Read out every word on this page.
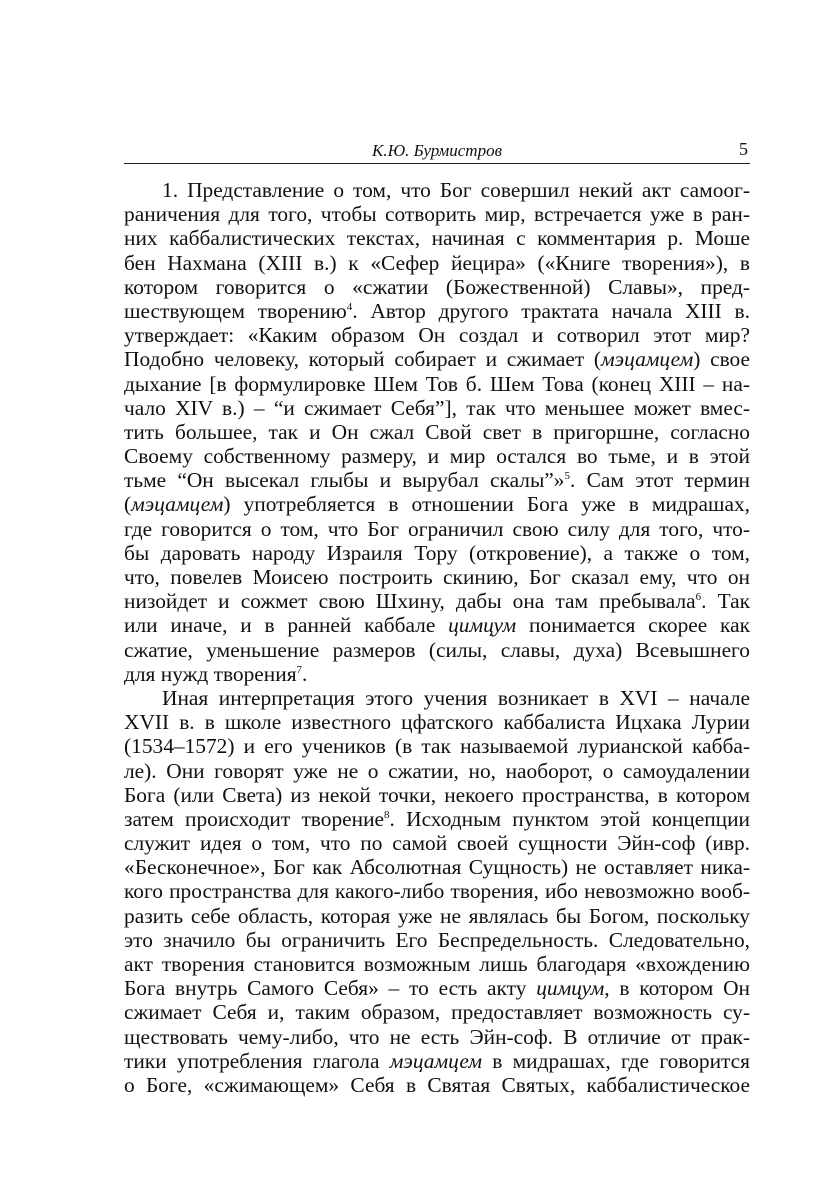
К.Ю. Бурмистров	5
1. Представление о том, что Бог совершил некий акт самоог-
раничения для того, чтобы сотворить мир, встречается уже в ран-
них каббалистических текстах, начиная с комментария р. Моше
бен Нахмана (XIII в.) к «Сефер йецира» («Книге творения»), в
котором говорится о «сжатии (Божественной) Славы», пред-
шествующем творению$^4$. Автор другого трактата начала XIII в.
утверждает: «Каким образом Он создал и сотворил этот мир?
Подобно человеку, который собирает и сжимает (мэцамцем) свое
дыхание [в формулировке Шем Тов б. Шем Това (конец XIII – на-
чало XIV в.) – “и сжимает Себя”], так что меньшее может вмес-
тить большее, так и Он сжал Свой свет в пригоршне, согласно
Своему собственному размеру, и мир остался во тьме, и в этой
тьме “Он высекал глыбы и вырубал скалы”»$^5$. Сам этот термин
(мэцамцем) употребляется в отношении Бога уже в мидрашах,
где говорится о том, что Бог ограничил свою силу для того, что-
бы даровать народу Израиля Тору (откровение), а также о том,
что, повелев Моисею построить скинию, Бог сказал ему, что он
низойдет и сожмет свою Шхину, дабы она там пребывала$^6$. Так
или иначе, и в ранней каббале цимцум понимается скорее как
сжатие, уменьшение размеров (силы, славы, духа) Всевышнего
для нужд творения$^7$.
Иная интерпретация этого учения возникает в XVI – начале
XVII в. в школе известного цфатского каббалиста Ицхака Лурии
(1534–1572) и его учеников (в так называемой лурианской кабба-
ле). Они говорят уже не о сжатии, но, наоборот, о самоудалении
Бога (или Света) из некой точки, некоего пространства, в котором
затем происходит творение$^8$. Исходным пунктом этой концепции
служит идея о том, что по самой своей сущности Эйн-соф (ивр.
«Бесконечное», Бог как Абсолютная Сущность) не оставляет ника-
кого пространства для какого-либо творения, ибо невозможно вооб-
разить себе область, которая уже не являлась бы Богом, поскольку
это значило бы ограничить Его Беспредельность. Следовательно,
акт творения становится возможным лишь благодаря «вхождению
Бога внутрь Самого Себя» – то есть акту цимцум, в котором Он
сжимает Себя и, таким образом, предоставляет возможность су-
ществовать чему-либо, что не есть Эйн-соф. В отличие от прак-
тики употребления глагола мэцамцем в мидрашах, где говорится
о Боге, «сжимающем» Себя в Святая Святых, каббалистическое
